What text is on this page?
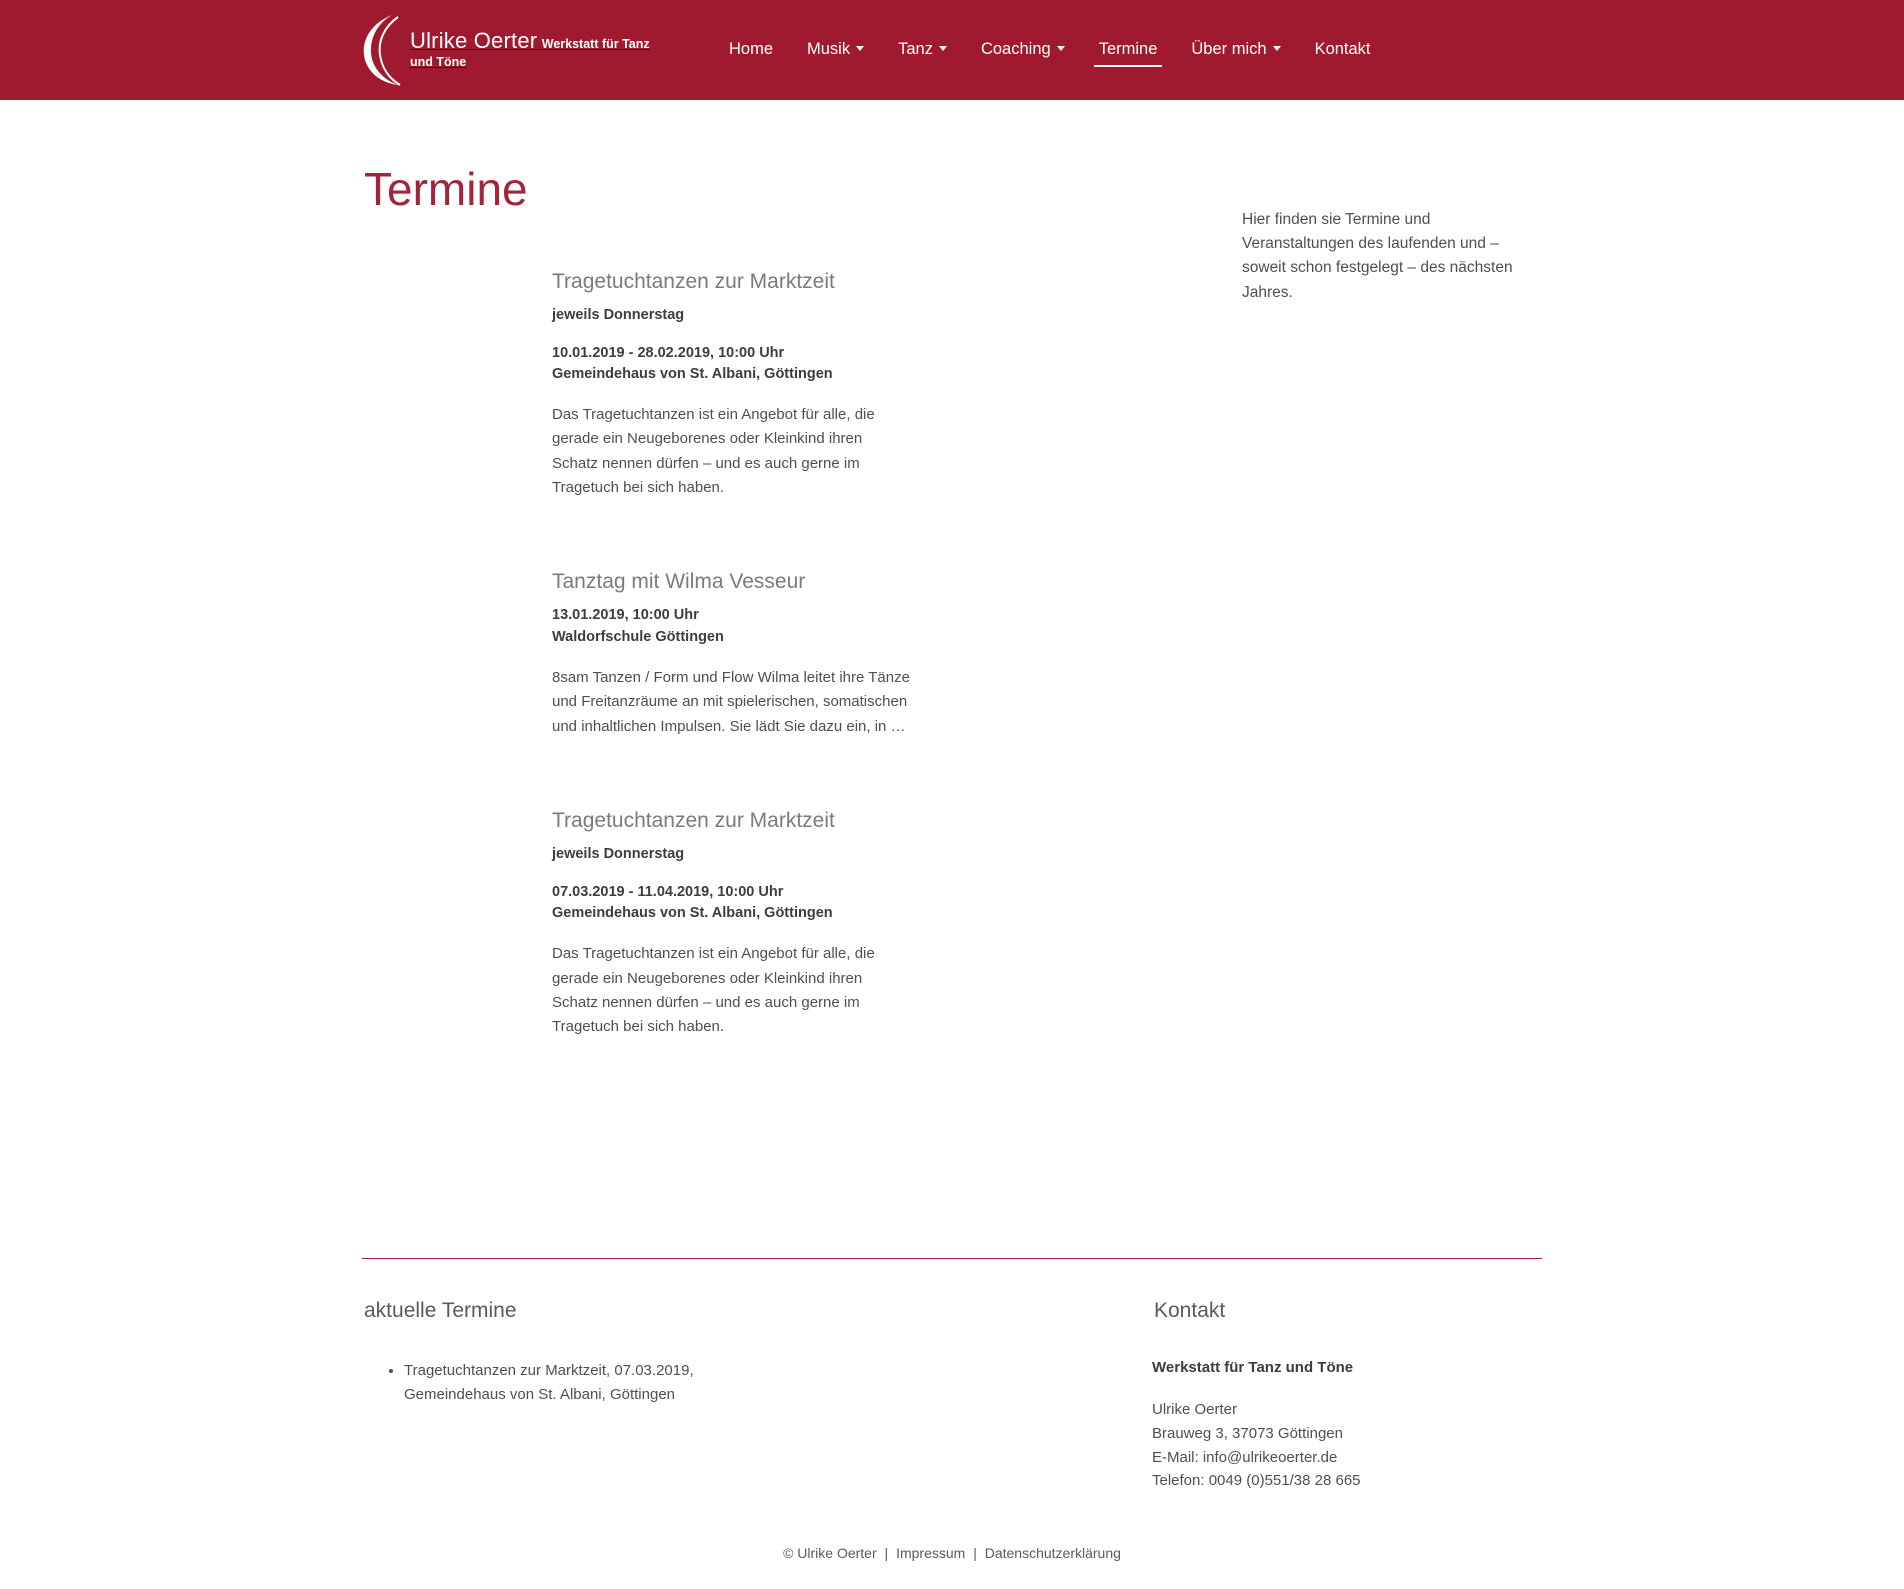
Ulrike Oerter Werkstatt für Tanz
und Töne
Home	Musik	Tanz	Coaching	Termine	Über mich	Kontakt
Termine
Tragetuchtanzen zur Marktzeit
jeweils Donnerstag
10.01.2019 - 28.02.2019, 10:00 Uhr
Gemeindehaus von St. Albani, Göttingen

Das Tragetuchtanzen ist ein Angebot für alle, die gerade ein Neugeborenes oder Kleinkind ihren Schatz nennen dürfen – und es auch gerne im Tragetuch bei sich haben.

Tanztag mit Wilma Vesseur
13.01.2019, 10:00 Uhr
Waldorfschule Göttingen

8sam Tanzen / Form und Flow Wilma leitet ihre Tänze und Freitanzräume an mit spielerischen, somatischen und inhaltlichen Impulsen. Sie lädt Sie dazu ein, in …

Tragetuchtanzen zur Marktzeit
jeweils Donnerstag
07.03.2019 - 11.04.2019, 10:00 Uhr
Gemeindehaus von St. Albani, Göttingen

Das Tragetuchtanzen ist ein Angebot für alle, die gerade ein Neugeborenes oder Kleinkind ihren Schatz nennen dürfen – und es auch gerne im Tragetuch bei sich haben.

Hier finden sie Termine und Veranstaltungen des laufenden und – soweit schon festgelegt – des nächsten Jahres.

aktuelle Termine
• Tragetuchtanzen zur Marktzeit, 07.03.2019, Gemeindehaus von St. Albani, Göttingen
Kontakt
Werkstatt für Tanz und Töne
Ulrike Oerter
Brauweg 3, 37073 Göttingen
E-Mail: info@ulrikeoerter.de
Telefon: 0049 (0)551/38 28 665
© Ulrike Oerter | Impressum | Datenschutzerklärung
